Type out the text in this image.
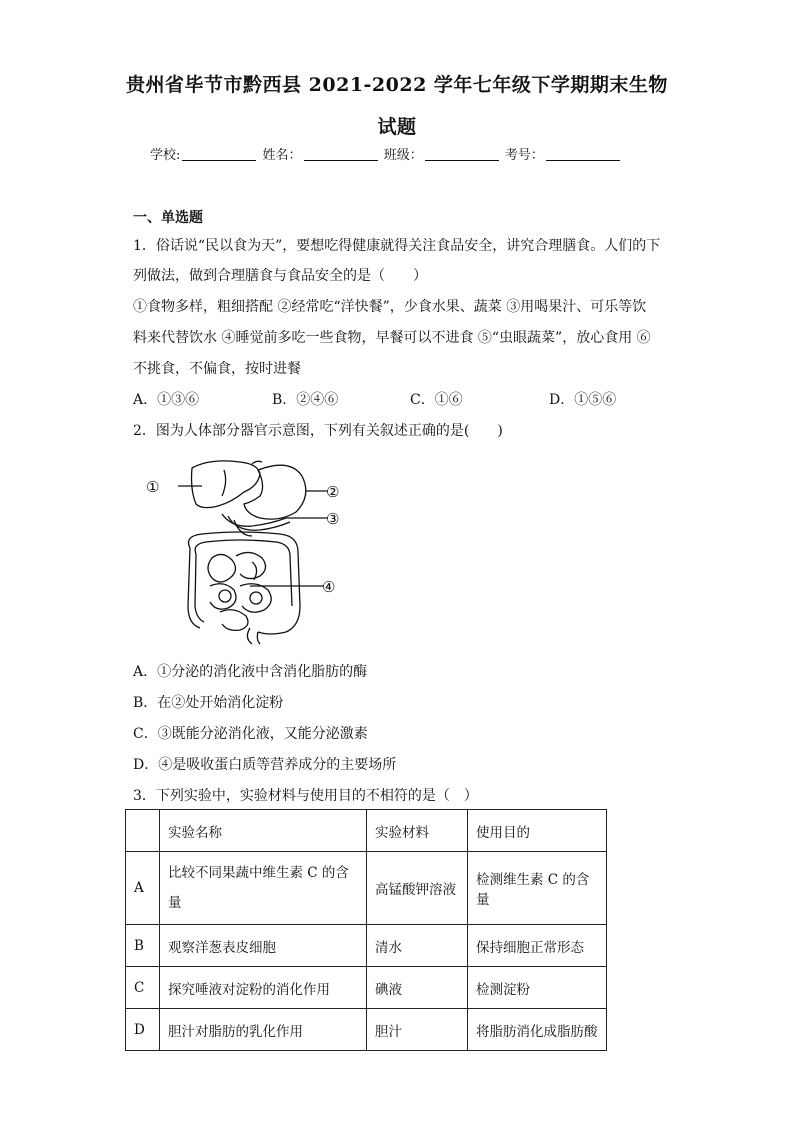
贵州省毕节市黔西县 2021-2022 学年七年级下学期期末生物
试题
学校:	姓名：	班级：	考号：
一、单选题
1．俗话说“民以食为天”，要想吃得健康就得关注食品安全，讲究合理膳食。人们的下
列做法，做到合理膳食与食品安全的是（　　）
①食物多样，粗细搭配 ②经常吃“洋快餐”，少食水果、蔬菜 ③用喝果汁、可乐等饮
料来代替饮水 ④睡觉前多吃一些食物，早餐可以不进食 ⑤“虫眼蔬菜”，放心食用 ⑥
不挑食，不偏食，按时进餐
A．①③⑥	B．②④⑥	C．①⑥	D．①⑤⑥
2．图为人体部分器官示意图，下列有关叙述正确的是(　　)
①	②
③
④
A．①分泌的消化液中含消化脂肪的酶
B．在②处开始消化淀粉
C．③既能分泌消化液，又能分泌激素
D．④是吸收蛋白质等营养成分的主要场所
3．下列实验中，实验材料与使用目的不相符的是（　）
	实验名称	实验材料	使用目的
A	比较不同果蔬中维生素 C 的含量	高锰酸钾溶液	检测维生素 C 的含量
B	观察洋葱表皮细胞	清水	保持细胞正常形态
C	探究唾液对淀粉的消化作用	碘液	检测淀粉
D	胆汁对脂肪的乳化作用	胆汁	将脂肪消化成脂肪酸
